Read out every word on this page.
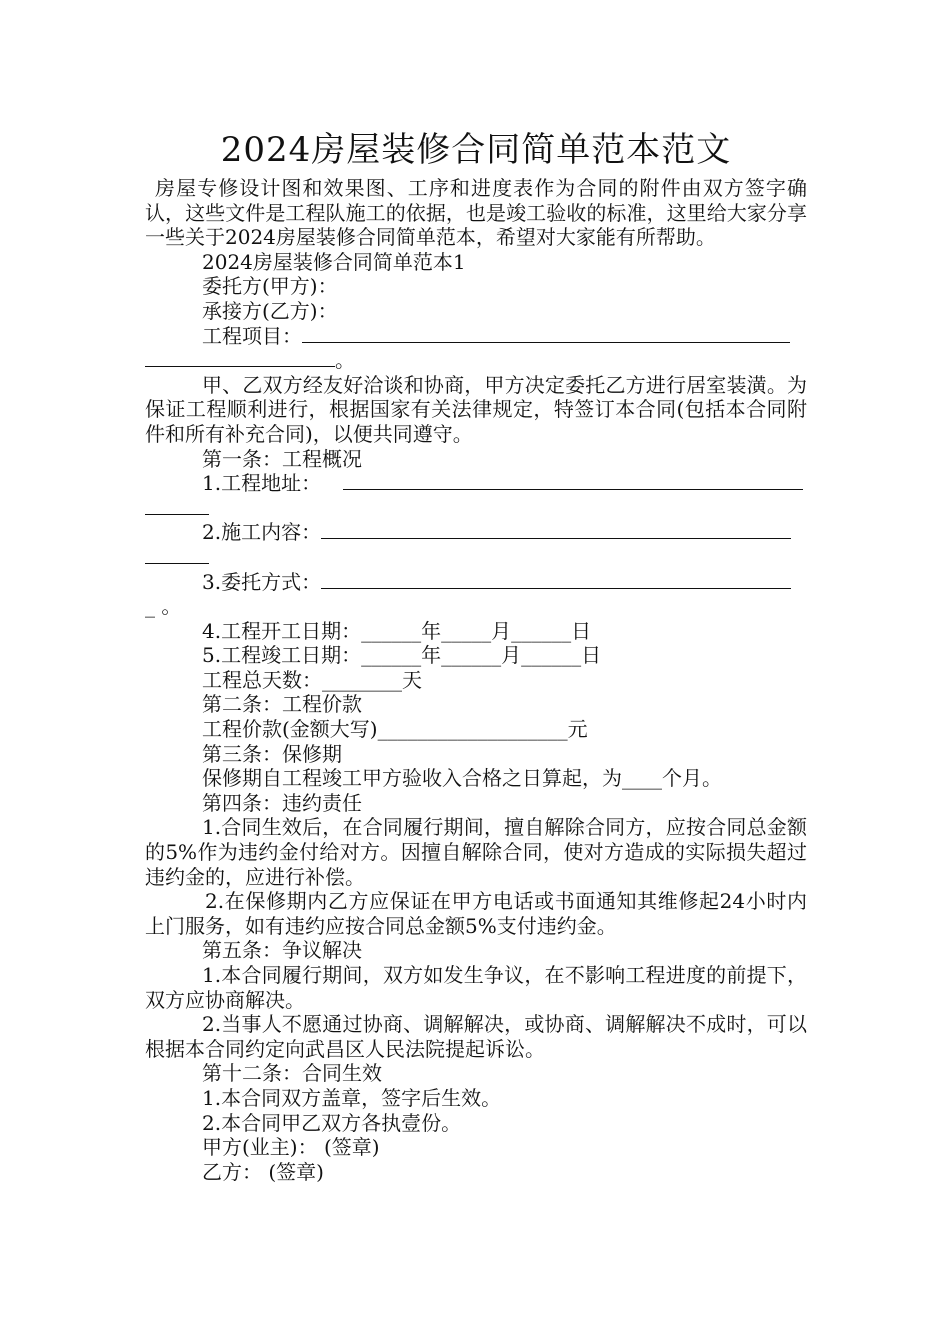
2024房屋装修合同简单范本范文

房屋专修设计图和效果图、工序和进度表作为合同的附件由双方签字确认，这些文件是工程队施工的依据，也是竣工验收的标准，这里给大家分享一些关于2024房屋装修合同简单范本，希望对大家能有所帮助。

2024房屋装修合同简单范本1

委托方(甲方)：

承接方(乙方)：

工程项目：

。

甲、乙双方经友好洽谈和协商，甲方决定委托乙方进行居室装潢。为保证工程顺利进行，根据国家有关法律规定，特签订本合同(包括本合同附件和所有补充合同)，以便共同遵守。

第一条：工程概况

1.工程地址：

2.施工内容：

3.委托方式：

_ 。

4.工程开工日期：______年_____月______日

5.工程竣工日期：______年______月______日

工程总天数：________天

第二条：工程价款

工程价款(金额大写)___________________元

第三条：保修期

保修期自工程竣工甲方验收入合格之日算起，为____个月。

第四条：违约责任

1.合同生效后，在合同履行期间，擅自解除合同方，应按合同总金额的5%作为违约金付给对方。因擅自解除合同，使对方造成的实际损失超过违约金的，应进行补偿。

2.在保修期内乙方应保证在甲方电话或书面通知其维修起24小时内上门服务，如有违约应按合同总金额5%支付违约金。

第五条：争议解决

1.本合同履行期间，双方如发生争议，在不影响工程进度的前提下，双方应协商解决。

2.当事人不愿通过协商、调解解决，或协商、调解解决不成时，可以根据本合同约定向武昌区人民法院提起诉讼。

第十二条：合同生效

1.本合同双方盖章，签字后生效。

2.本合同甲乙双方各执壹份。

甲方(业主)： (签章)

乙方： (签章)
